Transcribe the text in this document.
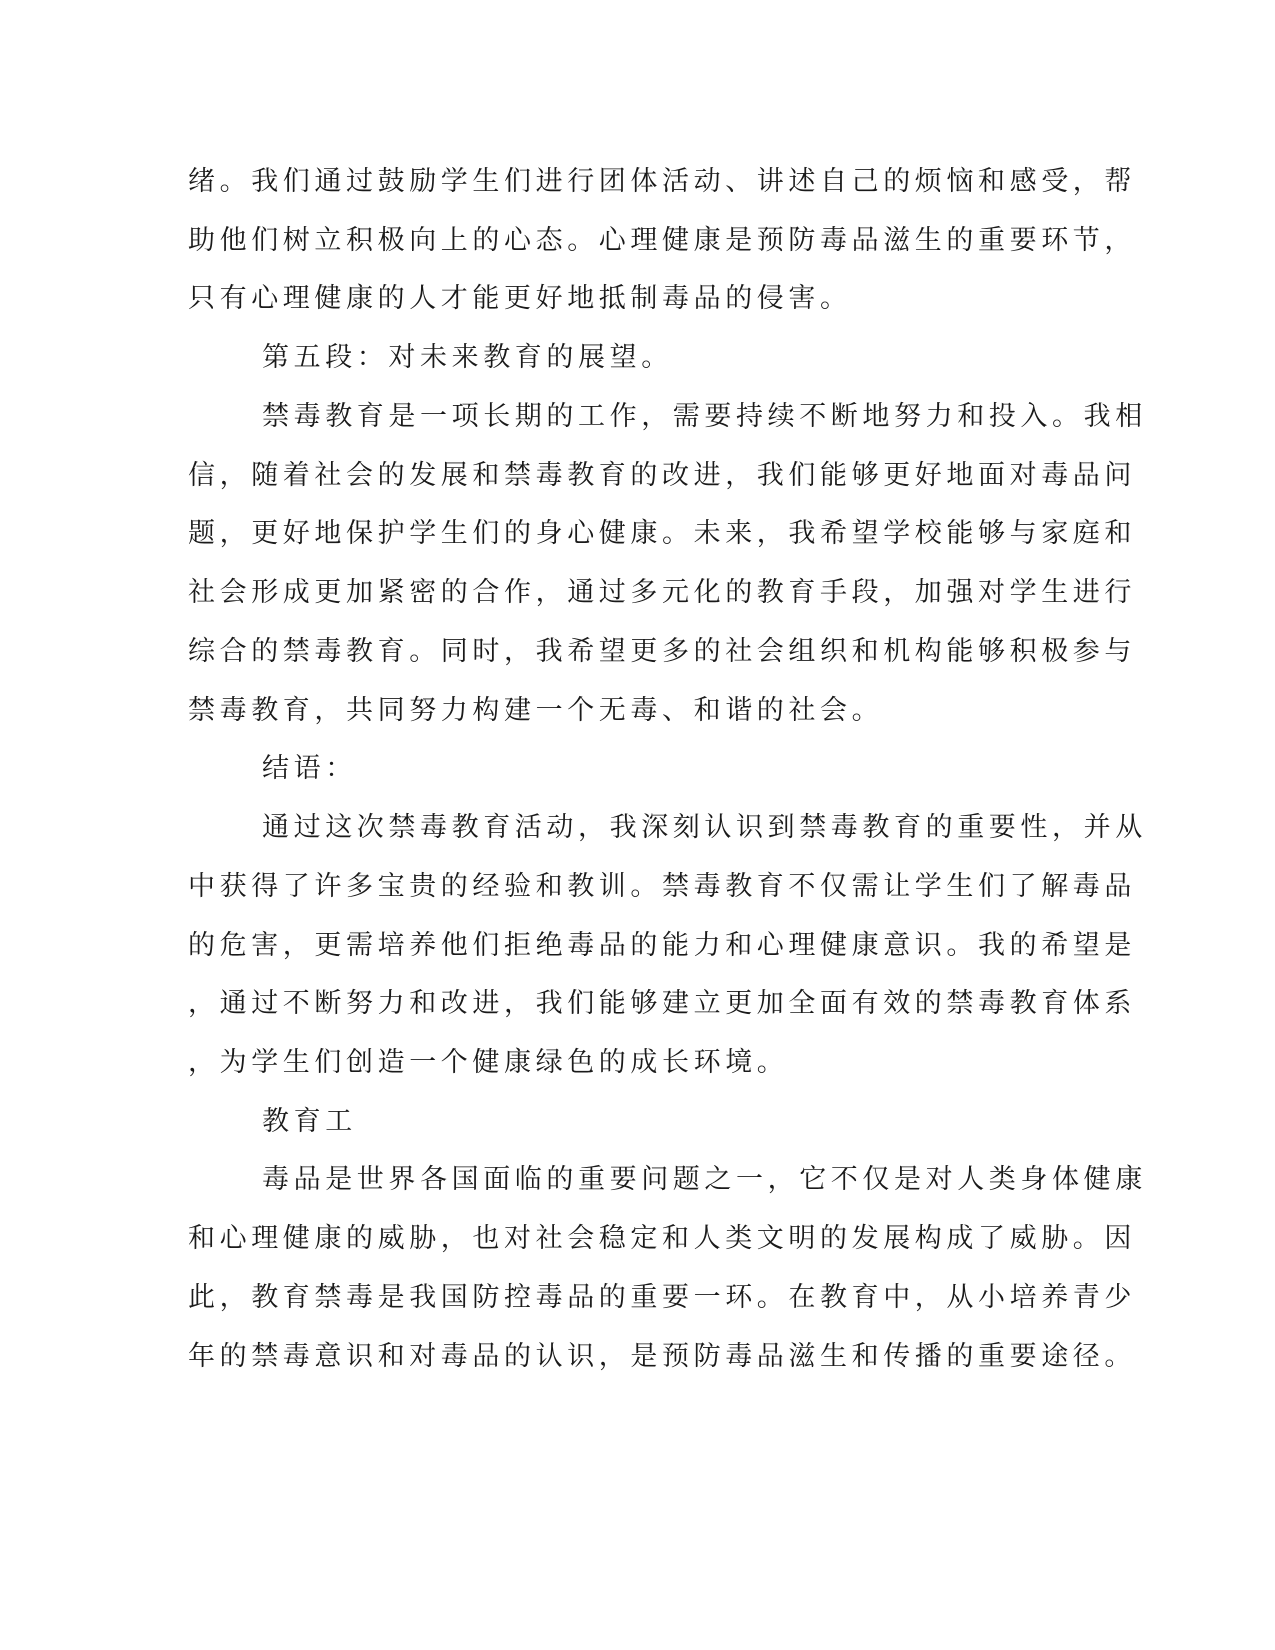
绪。我们通过鼓励学生们进行团体活动、讲述自己的烦恼和感受，帮
助他们树立积极向上的心态。心理健康是预防毒品滋生的重要环节，
只有心理健康的人才能更好地抵制毒品的侵害。
第五段：对未来教育的展望。
禁毒教育是一项长期的工作，需要持续不断地努力和投入。我相
信，随着社会的发展和禁毒教育的改进，我们能够更好地面对毒品问
题，更好地保护学生们的身心健康。未来，我希望学校能够与家庭和
社会形成更加紧密的合作，通过多元化的教育手段，加强对学生进行
综合的禁毒教育。同时，我希望更多的社会组织和机构能够积极参与
禁毒教育，共同努力构建一个无毒、和谐的社会。
结语：
通过这次禁毒教育活动，我深刻认识到禁毒教育的重要性，并从
中获得了许多宝贵的经验和教训。禁毒教育不仅需让学生们了解毒品
的危害，更需培养他们拒绝毒品的能力和心理健康意识。我的希望是
，通过不断努力和改进，我们能够建立更加全面有效的禁毒教育体系
，为学生们创造一个健康绿色的成长环境。
教育工
毒品是世界各国面临的重要问题之一，它不仅是对人类身体健康
和心理健康的威胁，也对社会稳定和人类文明的发展构成了威胁。因
此，教育禁毒是我国防控毒品的重要一环。在教育中，从小培养青少
年的禁毒意识和对毒品的认识，是预防毒品滋生和传播的重要途径。
